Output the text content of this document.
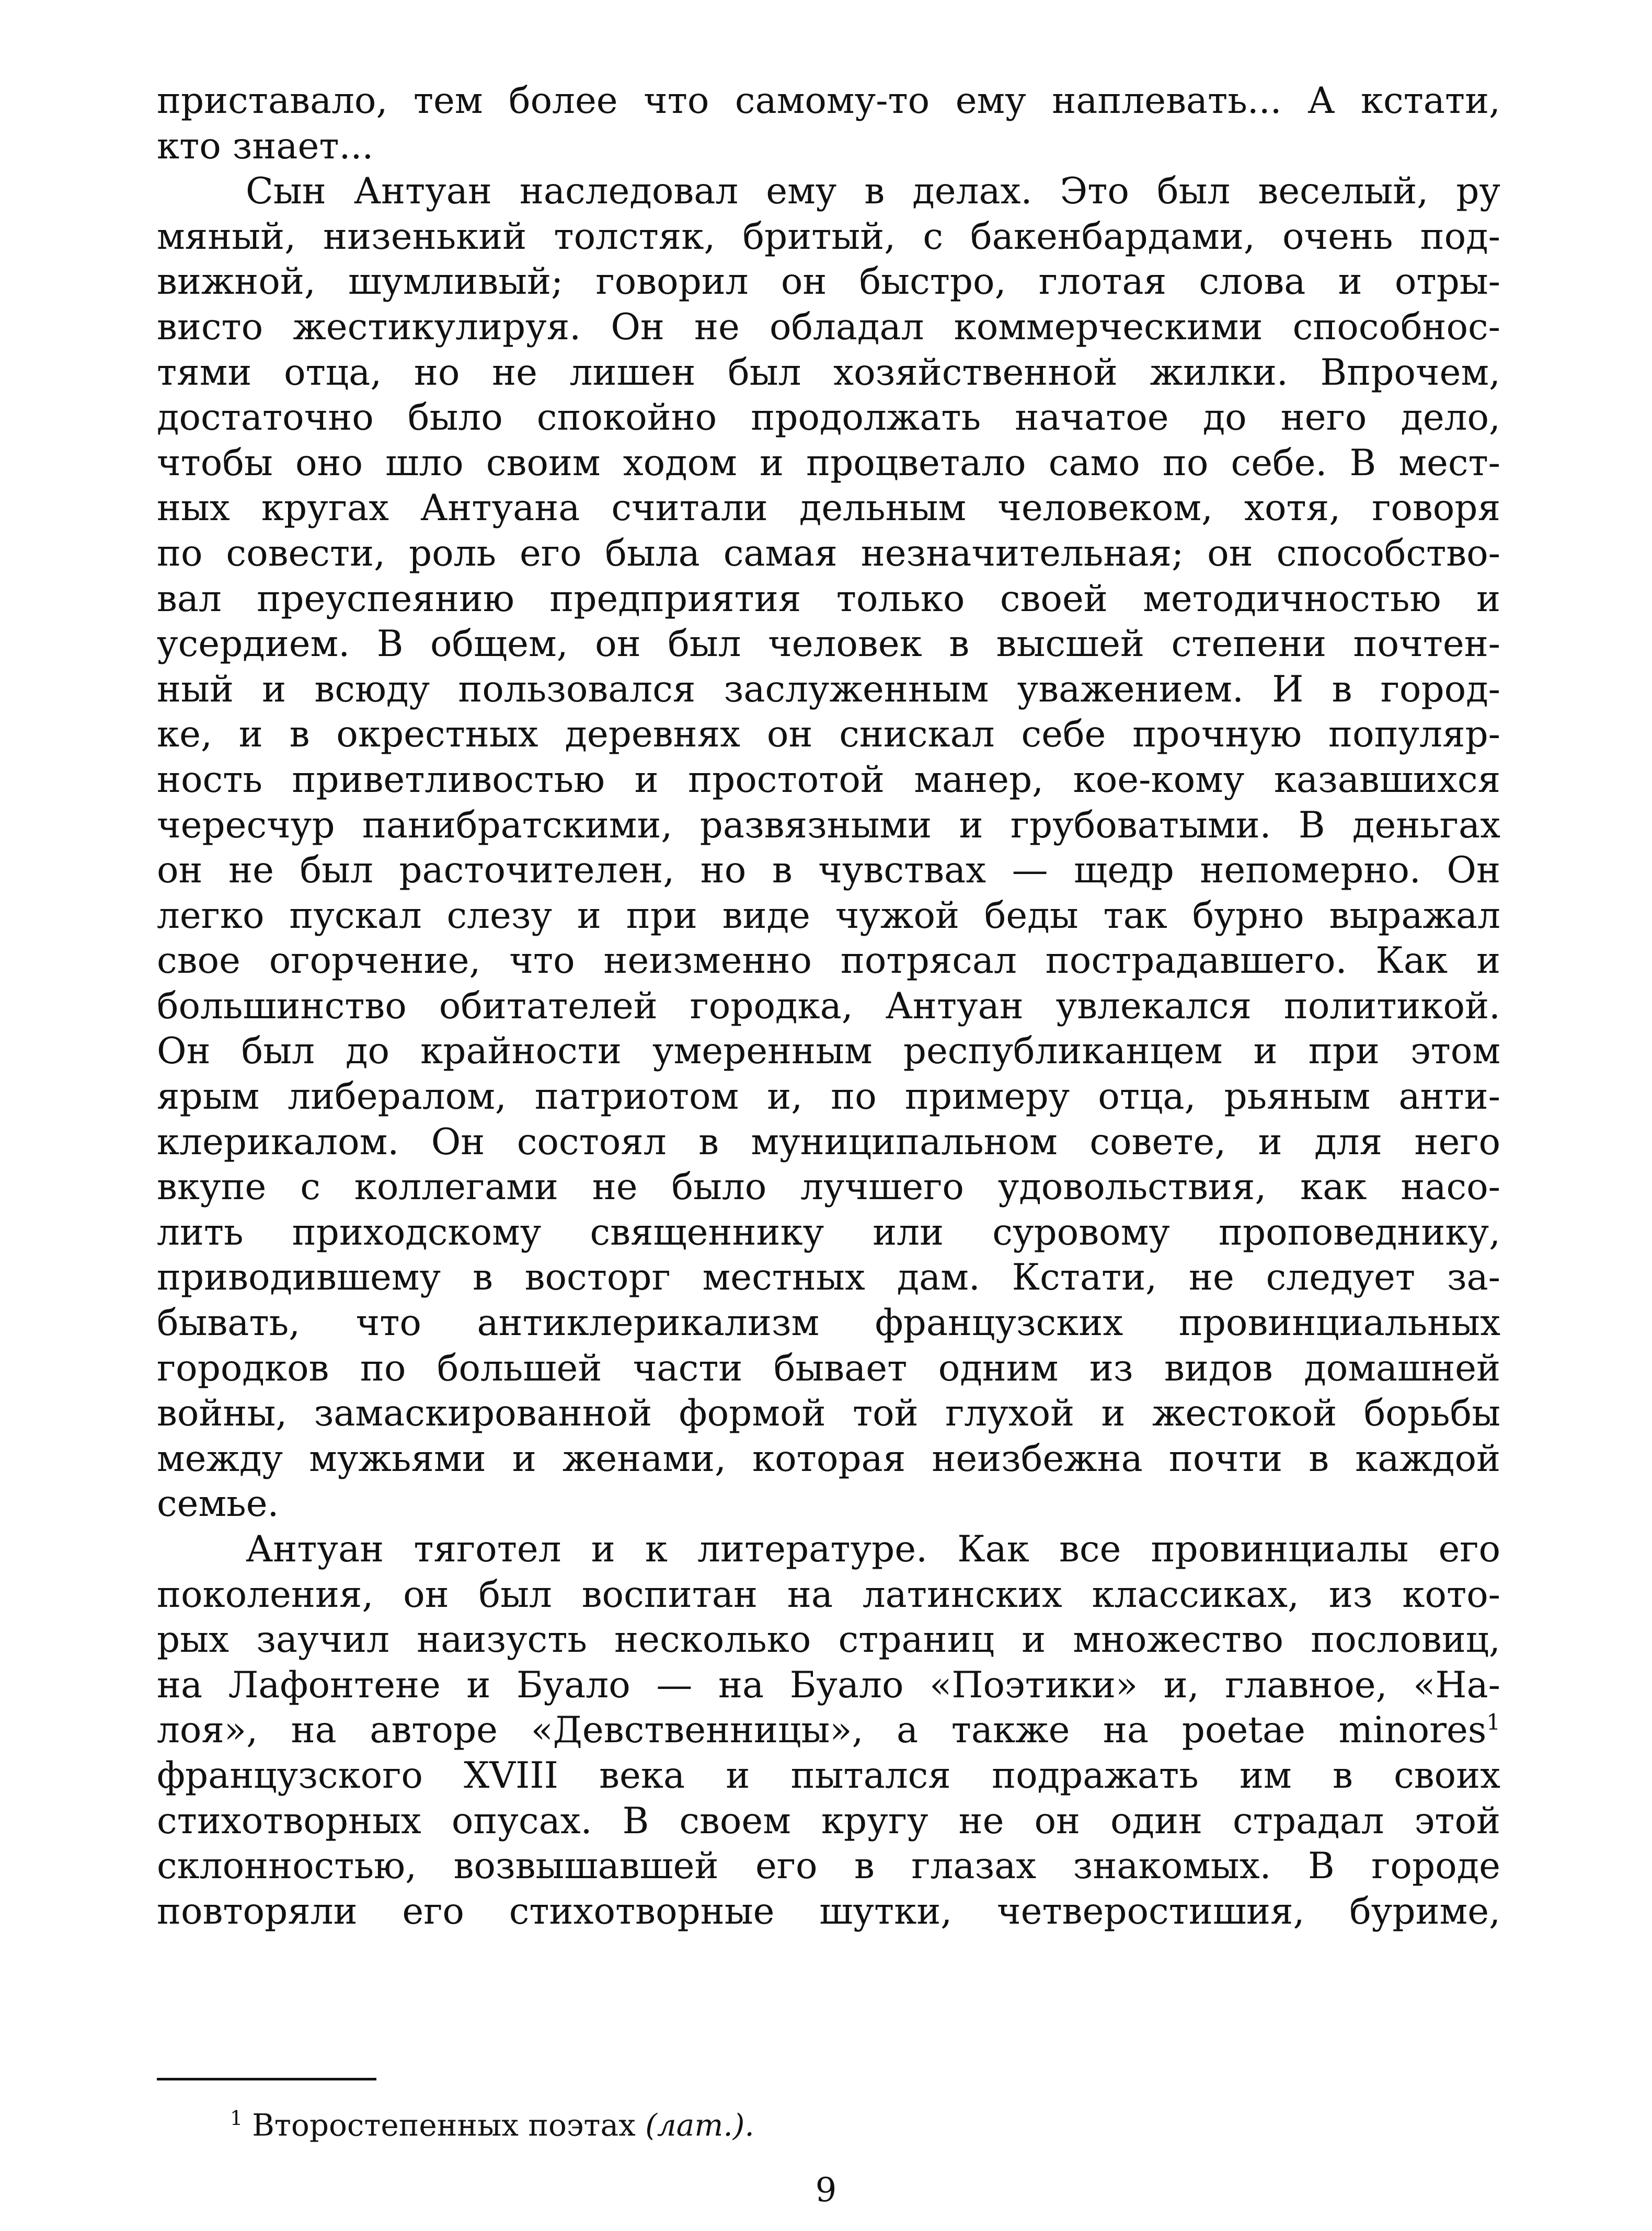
приставало, тем более что самому-то ему наплевать... А кстати,
кто знает...
Сын Антуан наследовал ему в делах. Это был веселый, ру
мяный, низенький толстяк, бритый, с бакенбардами, очень под-
вижной, шумливый; говорил он быстро, глотая слова и отры-
висто жестикулируя. Он не обладал коммерческими способнос-
тями отца, но не лишен был хозяйственной жилки. Впрочем,
достаточно было спокойно продолжать начатое до него дело,
чтобы оно шло своим ходом и процветало само по себе. В мест-
ных кругах Антуана считали дельным человеком, хотя, говоря
по совести, роль его была самая незначительная; он способство-
вал преуспеянию предприятия только своей методичностью и
усердием. В общем, он был человек в высшей степени почтен-
ный и всюду пользовался заслуженным уважением. И в город-
ке, и в окрестных деревнях он снискал себе прочную популяр-
ность приветливостью и простотой манер, кое-кому казавшихся
чересчур панибратскими, развязными и грубоватыми. В деньгах
он не был расточителен, но в чувствах — щедр непомерно. Он
легко пускал слезу и при виде чужой беды так бурно выражал
свое огорчение, что неизменно потрясал пострадавшего. Как и
большинство обитателей городка, Антуан увлекался политикой.
Он был до крайности умеренным республиканцем и при этом
ярым либералом, патриотом и, по примеру отца, рьяным анти-
клерикалом. Он состоял в муниципальном совете, и для него
вкупе с коллегами не было лучшего удовольствия, как насо-
лить приходскому священнику или суровому проповеднику,
приводившему в восторг местных дам. Кстати, не следует за-
бывать, что антиклерикализм французских провинциальных
городков по большей части бывает одним из видов домашней
войны, замаскированной формой той глухой и жестокой борьбы
между мужьями и женами, которая неизбежна почти в каждой
семье.
Антуан тяготел и к литературе. Как все провинциалы его
поколения, он был воспитан на латинских классиках, из кото-
рых заучил наизусть несколько страниц и множество пословиц,
на Лафонтене и Буало — на Буало «Поэтики» и, главное, «На-
лоя», на авторе «Девственницы», а также на poetae minores$^1$
французского XVIII века и пытался подражать им в своих
стихотворных опусах. В своем кругу не он один страдал этой
склонностью, возвышавшей его в глазах знакомых. В городе
повторяли его стихотворные шутки, четверостишия, буриме,
$^1$ Второстепенных поэтах (лат.).
9
